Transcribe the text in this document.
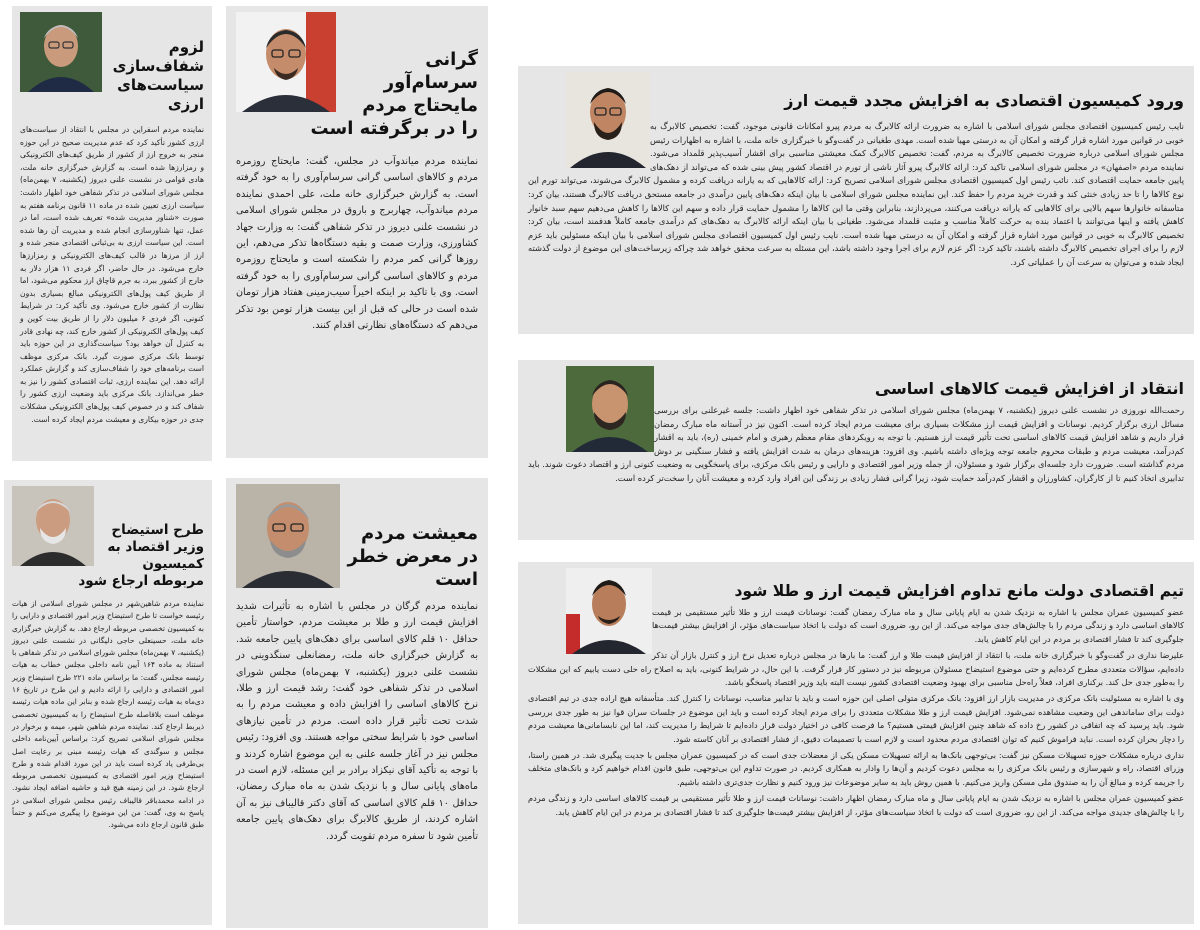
لزوم شفاف‌سازی سیاست‌های ارزی

نماینده مردم اسفراین در مجلس با انتقاد از سیاست‌های ارزی کشور تأکید کرد که عدم مدیریت صحیح در این حوزه منجر به خروج ارز از کشور از طریق کیف‌های الکترونیکی و رمزارزها شده است. به گزارش خبرگزاری خانه ملت، هادی قوامی در نشست علنی دیروز (یکشنبه، ۷ بهمن‌ماه) مجلس شورای اسلامی در تذکر شفاهی خود اظهار داشت: سیاست ارزی تعیین شده در ماده ۱۱ قانون برنامه هفتم به صورت «شناور مدیریت شده» تعریف شده است، اما در عمل، تنها شناورسازی انجام شده و مدیریت آن رها شده است. این سیاست ارزی به بی‌ثباتی اقتصادی منجر شده و ارز از مرزها در قالب کیف‌های الکترونیکی و رمزارزها خارج می‌شود. در حال حاضر، اگر فردی ۱۱ هزار دلار به خارج از کشور ببرد، به جرم قاچاق ارز محکوم می‌شود، اما از طریق کیف پول‌های الکترونیکی مبالغ بسیاری بدون نظارت از کشور خارج می‌شود. وی تأکید کرد: در شرایط کنونی، اگر فردی ۶ میلیون دلار را از طریق بیت کوین و کیف پول‌های الکترونیکی از کشور خارج کند، چه نهادی قادر به کنترل آن خواهد بود؟ سیاست‌گذاری در این حوزه باید توسط بانک مرکزی صورت گیرد. بانک مرکزی موظف است برنامه‌های خود را شفاف‌سازی کند و گزارش عملکرد ارائه دهد. این نماینده ارزی، ثبات اقتصادی کشور را نیز به خطر می‌اندازد. بانک مرکزی باید وضعیت ارزی کشور را شفاف کند و در خصوص کیف پول‌های الکترونیکی مشکلات جدی در حوزه بیکاری و معیشت مردم ایجاد کرده است.

گرانی سرسام‌آور مایحتاج مردم را در برگرفته است

نماینده مردم میاندوآب در مجلس، گفت: مایحتاج روزمره مردم و کالاهای اساسی گرانی سرسام‌آوری را به خود گرفته است. به گزارش خبرگزاری خانه ملت، علی احمدی نماینده مردم میاندوآب، چهاربرج و باروق در مجلس شورای اسلامی در نشست علنی دیروز در تذکر شفاهی گفت: به وزارت جهاد کشاورزی، وزارت صمت و بقیه دستگاه‌ها تذکر می‌دهم، این روزها گرانی کمر مردم را شکسته است و مایحتاج روزمره مردم و کالاهای اساسی گرانی سرسام‌آوری را به خود گرفته است. وی با تاکید بر اینکه اخیراً سیب‌زمینی هفتاد هزار تومان شده است در حالی که قبل از این بیست هزار تومن بود تذکر می‌دهم که دستگاه‌های نظارتی اقدام کنند.

ورود کمیسیون اقتصادی به افزایش مجدد قیمت ارز

نایب رئیس کمیسیون اقتصادی مجلس شورای اسلامی با اشاره به ضرورت ارائه کالابرگ به مردم پیرو امکانات قانونی موجود، گفت: تخصیص کالابرگ به خوبی در قوانین مورد اشاره قرار گرفته و امکان آن به درستی مهیا شده است. مهدی طغیانی در گفت‌وگو با خبرگزاری خانه ملت، با اشاره به اظهارات رئیس مجلس شورای اسلامی درباره ضرورت تخصیص کالابرگ به مردم، گفت: تخصیص کالابرگ کمک معیشتی مناسبی برای اقشار آسیب‌پذیر قلمداد می‌شود. نماینده مردم «اصفهان» در مجلس شورای اسلامی تاکید کرد: ارائه کالابرگ پیرو آثار ناشی از تورم در اقتصاد کشور پیش بینی شده که می‌تواند از دهک‌های پایین جامعه حمایت اقتصادی کند. نائب رئیس اول کمیسیون اقتصادی مجلس شورای اسلامی تصریح کرد: ارائه کالاهایی که به یارانه دریافت کرده و مشمول کالابرگ می‌شوند، می‌تواند تورم این نوع کالاها را تا حد زیادی خنثی کند و قدرت خرید مردم را حفظ کند. این نماینده مجلس شورای اسلامی با بیان اینکه دهک‌های پایین درآمدی در جامعه مستحق دریافت کالابرگ هستند، بیان کرد: متاسفانه خانوارها سهم بالایی برای کالاهایی که یارانه دریافت می‌کنند، می‌پردازند، بنابراین وقتی ما این کالاها را مشمول حمایت قرار داده و سهم این کالاها را کاهش می‌دهیم سهم سبد خانوار کاهش یافته و اینها می‌توانند با اعتماد بنده به حرکت کاملاً مناسب و مثبت قلمداد می‌شود. طغیانی با بیان اینکه ارائه کالابرگ به دهک‌های کم درآمدی جامعه کاملاً هدفمند است، بیان کرد: تخصیص کالابرگ به خوبی در قوانین مورد اشاره قرار گرفته و امکان آن به درستی مهیا شده است. نایب رئیس اول کمیسیون اقتصادی مجلس شورای اسلامی با بیان اینکه مسئولین باید عزم لازم را برای اجرای تخصیص کالابرگ داشته باشند، تاکید کرد: اگر عزم لازم برای اجرا وجود داشته باشد، این مسئله به سرعت محقق خواهد شد چراکه زیرساخت‌های این موضوع از دولت گذشته ایجاد شده و می‌توان به سرعت آن را عملیاتی کرد.

طرح استیضاح وزیر اقتصاد به کمیسیون مربوطه ارجاع شود

نماینده مردم شاهین‌شهر در مجلس شورای اسلامی از هیات رئیسه خواست تا طرح استیضاح وزیر امور اقتصادی و دارایی را به کمیسیون تخصصی مربوطه ارجاع دهد. به گزارش خبرگزاری خانه ملت، حسینعلی حاجی دلیگانی در نشست علنی دیروز (یکشنبه، ۷ بهمن‌ماه) مجلس شورای اسلامی در تذکر شفاهی با استناد به ماده ۱۶۴ آیین نامه داخلی مجلس خطاب به هیات رئیسه مجلس، گفت: ما براساس ماده ۲۲۱ طرح استیضاح وزیر امور اقتصادی و دارایی را ارائه دادیم و این طرح در تاریخ ۱۶ دی‌ماه به هیات رئیسه ارجاع شده و بنابر این ماده هیات رئیسه موظف است بلافاصله طرح استیضاح را به کمیسیون تخصصی ذیربط ارجاع کند. نماینده مردم شاهین شهر، میمه و برخوار در مجلس شورای اسلامی تصریح کرد: براساس آیین‌نامه داخلی مجلس و سوگندی که هیات رئیسه مبنی بر رعایت اصل بی‌طرفی یاد کرده است باید در این مورد اقدام شده و طرح استیضاح وزیر امور اقتصادی به کمیسیون تخصصی مربوطه ارجاع شود. در این زمینه هیچ قید و حاشیه اضافه ایجاد نشود. در ادامه محمدباقر قالیباف رئیس مجلس شورای اسلامی در پاسخ به وی، گفت: من این موضوع را پیگیری می‌کنم و حتماً طبق قانون ارجاع داده می‌شود.

معیشت مردم در معرض خطر است

نماینده مردم گرگان در مجلس با اشاره به تأثیرات شدید افزایش قیمت ارز و طلا بر معیشت مردم، خواستار تأمین حداقل ۱۰ قلم کالای اساسی برای دهک‌های پایین جامعه شد. به گزارش خبرگزاری خانه ملت، رمضانعلی سنگدوینی در نشست علنی دیروز (یکشنبه، ۷ بهمن‌ماه) مجلس شورای اسلامی در تذکر شفاهی خود گفت: رشد قیمت ارز و طلا، نرخ کالاهای اساسی را افزایش داده و معیشت مردم را به شدت تحت تأثیر قرار داده است. مردم در تأمین نیازهای اساسی خود با شرایط سختی مواجه هستند. وی افزود: رئیس مجلس نیز در آغاز جلسه علنی به این موضوع اشاره کردند و با توجه به تأکید آقای نیکزاد برادر بر این مسئله، لازم است در ماه‌های پایانی سال و با نزدیک شدن به ماه مبارک رمضان، حداقل ۱۰ قلم کالای اساسی که آقای دکتر قالیباف نیز به آن اشاره کردند، از طریق کالابرگ برای دهک‌های پایین جامعه تأمین شود تا سفره مردم تقویت گردد.

انتقاد از افزایش قیمت کالاهای اساسی

رحمت‌الله نوروزی در نشست علنی دیروز (یکشنبه، ۷ بهمن‌ماه) مجلس شورای اسلامی در تذکر شفاهی خود اظهار داشت: جلسه غیرعلنی برای بررسی مسائل ارزی برگزار کردیم. نوسانات و افزایش قیمت ارز مشکلات بسیاری برای معیشت مردم ایجاد کرده است. اکنون نیز در آستانه ماه مبارک رمضان قرار داریم و شاهد افزایش قیمت کالاهای اساسی تحت تأثیر قیمت ارز هستیم. با توجه به رویکردهای مقام معظم رهبری و امام خمینی (ره)، باید به اقشار کم‌درآمد، معیشت مردم و طبقات محروم جامعه توجه ویژه‌ای داشته باشیم. وی افزود: هزینه‌های درمان به شدت افزایش یافته و فشار سنگینی بر دوش مردم گذاشته است. ضرورت دارد جلسه‌ای برگزار شود و مسئولان، از جمله وزیر امور اقتصادی و دارایی و رئیس بانک مرکزی، برای پاسخگویی به وضعیت کنونی ارز و اقتصاد دعوت شوند. باید تدابیری اتخاذ کنیم تا از کارگران، کشاورزان و اقشار کم‌درآمد حمایت شود، زیرا گرانی فشار زیادی بر زندگی این افراد وارد کرده و معیشت آنان را سخت‌تر کرده است.

تیم اقتصادی دولت مانع تداوم افزایش قیمت ارز و طلا شود

عضو کمیسیون عمران مجلس با اشاره به نزدیک شدن به ایام پایانی سال و ماه مبارک رمضان گفت: نوسانات قیمت ارز و طلا تأثیر مستقیمی بر قیمت کالاهای اساسی دارد و زندگی مردم را با چالش‌های جدی مواجه می‌کند. از این رو، ضروری است که دولت با اتخاذ سیاست‌های مؤثر، از افزایش بیشتر قیمت‌ها جلوگیری کند تا فشار اقتصادی بر مردم در این ایام کاهش یابد.

علیرضا نداری در گفت‌وگو با خبرگزاری خانه ملت، با انتقاد از افزایش قیمت طلا و ارز گفت: ما بارها در مجلس درباره تعدیل نرخ ارز و کنترل بازار آن تذکر داده‌ایم، سؤالات متعددی مطرح کرده‌ایم و حتی موضوع استیضاح مسئولان مربوطه نیز در دستور کار قرار گرفت. با این حال، در شرایط کنونی، باید به اصلاح راه حلی دست یابیم که این مشکلات را به‌طور جدی حل کند. برکناری افراد، فعلاً راه‌حل مناسبی برای بهبود وضعیت اقتصادی کشور نیست البته باید وزیر اقتصاد پاسخگو باشد.

وی با اشاره به مسئولیت بانک مرکزی در مدیریت بازار ارز افزود: بانک مرکزی متولی اصلی این حوزه است و باید با تدابیر مناسب، نوسانات را کنترل کند. متأسفانه هیچ اراده جدی در تیم اقتصادی دولت برای ساماندهی این وضعیت مشاهده نمی‌شود. افزایش قیمت ارز و طلا مشکلات متعددی را برای مردم ایجاد کرده است و باید این موضوع در جلسات سران قوا نیز به طور جدی بررسی شود. باید پرسید که چه اتفاقی در کشور رخ داده که شاهد چنین افزایش قیمتی هستیم؟ ما فرصت کافی در اختیار دولت قرار داده‌ایم تا شرایط را مدیریت کند، اما این نابسامانی‌ها معیشت مردم را دچار بحران کرده است. نباید فراموش کنیم که توان اقتصادی مردم محدود است و لازم است با تصمیمات دقیق، از فشار اقتصادی بر آنان کاسته شود.

نداری درباره مشکلات حوزه تسهیلات مسکن نیز گفت: بی‌توجهی بانک‌ها به ارائه تسهیلات مسکن یکی از معضلات جدی است که در کمیسیون عمران مجلس با جدیت پیگیری شد. در همین راستا، وزرای اقتصاد، راه و شهرسازی و رئیس بانک مرکزی را به مجلس دعوت کردیم و آن‌ها را وادار به همکاری کردیم. در صورت تداوم این بی‌توجهی، طبق قانون اقدام خواهیم کرد و بانک‌های متخلف را جریمه کرده و مبالغ آن را به صندوق ملی مسکن واریز می‌کنیم. با همین روش باید به سایر موضوعات نیز ورود کنیم و نظارت جدی‌تری داشته باشیم.

عضو کمیسیون عمران مجلس با اشاره به نزدیک شدن به ایام پایانی سال و ماه مبارک رمضان اظهار داشت: نوسانات قیمت ارز و طلا تأثیر مستقیمی بر قیمت کالاهای اساسی دارد و زندگی مردم را با چالش‌های جدیدی مواجه می‌کند. از این رو، ضروری است که دولت با اتخاذ سیاست‌های مؤثر، از افزایش بیشتر قیمت‌ها جلوگیری کند تا فشار اقتصادی بر مردم در این ایام کاهش یابد.
